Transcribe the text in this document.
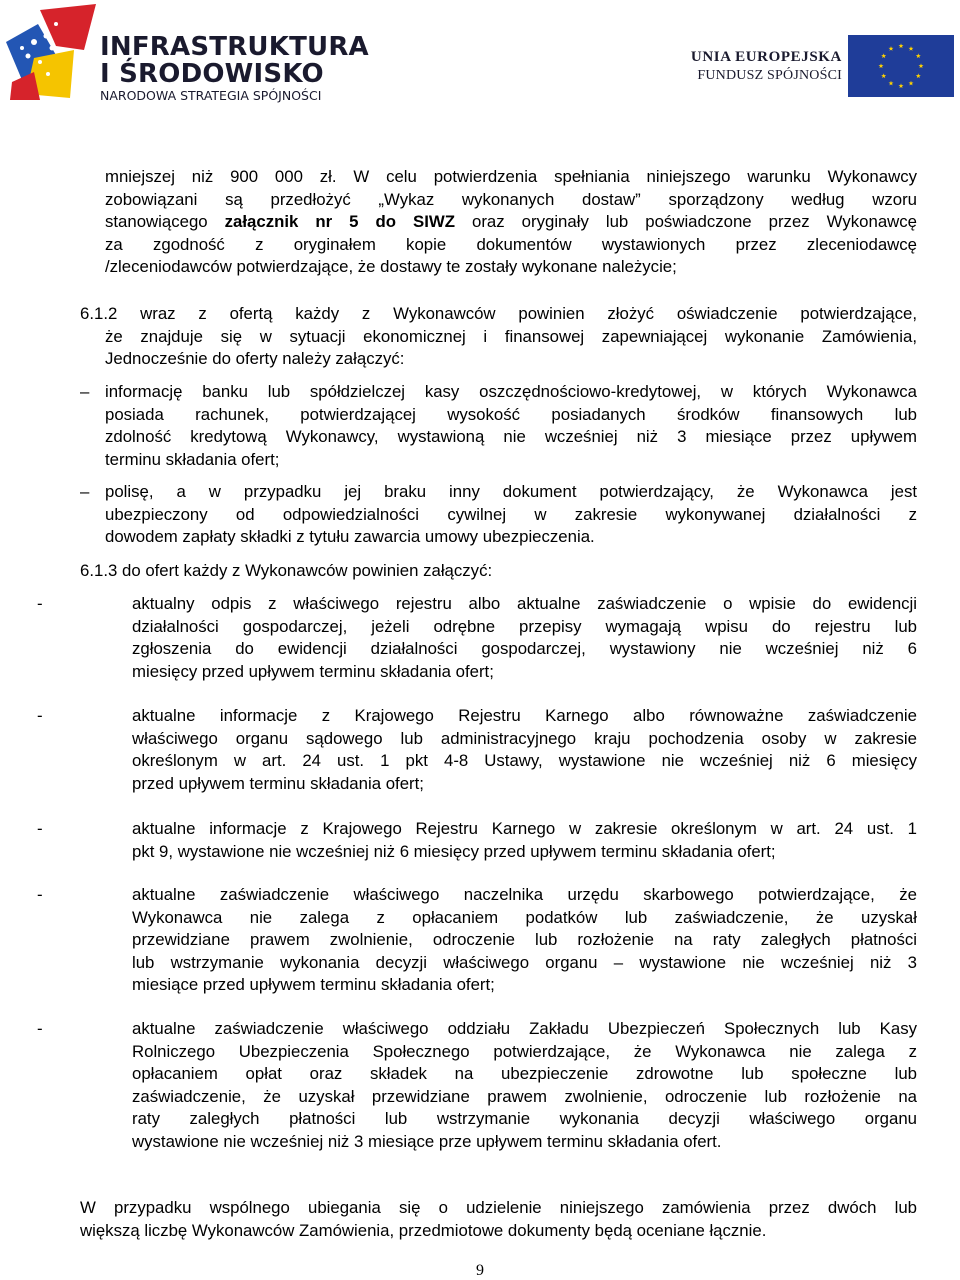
INFRASTRUKTURA
I ŚRODOWISKO
NARODOWA STRATEGIA SPÓJNOŚCI
UNIA EUROPEJSKA
FUNDUSZ SPÓJNOŚCI
mniejszej niż 900 000 zł. W celu potwierdzenia spełniania niniejszego warunku Wykonawcy
zobowiązani są przedłożyć „Wykaz wykonanych dostaw” sporządzony według wzoru
stanowiącego załącznik nr 5 do SIWZ oraz oryginały lub poświadczone przez Wykonawcę
za zgodność z oryginałem kopie dokumentów wystawionych przez zleceniodawcę
/zleceniodawców potwierdzające, że dostawy te zostały wykonane należycie;
6.1.2 wraz z ofertą każdy z Wykonawców powinien złożyć oświadczenie potwierdzające,
że znajduje się w sytuacji ekonomicznej i finansowej zapewniającej wykonanie Zamówienia,
Jednocześnie do oferty należy załączyć:
– informację banku lub spółdzielczej kasy oszczędnościowo-kredytowej, w których Wykonawca
posiada rachunek, potwierdzającej wysokość posiadanych środków finansowych lub
zdolność kredytową Wykonawcy, wystawioną nie wcześniej niż 3 miesiące przez upływem
terminu składania ofert;
– polisę, a w przypadku jej braku inny dokument potwierdzający, że Wykonawca jest
ubezpieczony od odpowiedzialności cywilnej w zakresie wykonywanej działalności z
dowodem zapłaty składki z tytułu zawarcia umowy ubezpieczenia.
6.1.3 do ofert każdy z Wykonawców powinien załączyć:
-	aktualny odpis z właściwego rejestru albo aktualne zaświadczenie o wpisie do ewidencji
działalności gospodarczej, jeżeli odrębne przepisy wymagają wpisu do rejestru lub
zgłoszenia do ewidencji działalności gospodarczej, wystawiony nie wcześniej niż 6
miesięcy przed upływem terminu składania ofert;
-	aktualne informacje z Krajowego Rejestru Karnego albo równoważne zaświadczenie
właściwego organu sądowego lub administracyjnego kraju pochodzenia osoby w zakresie
określonym w art. 24 ust. 1 pkt 4-8 Ustawy, wystawione nie wcześniej niż 6 miesięcy
przed upływem terminu składania ofert;
-	aktualne informacje z Krajowego Rejestru Karnego w zakresie określonym w art. 24 ust. 1
pkt 9, wystawione nie wcześniej niż 6 miesięcy przed upływem terminu składania ofert;
-	aktualne zaświadczenie właściwego naczelnika urzędu skarbowego potwierdzające, że
Wykonawca nie zalega z opłacaniem podatków lub zaświadczenie, że uzyskał
przewidziane prawem zwolnienie, odroczenie lub rozłożenie na raty zaległych płatności
lub wstrzymanie wykonania decyzji właściwego organu – wystawione nie wcześniej niż 3
miesiące przed upływem terminu składania ofert;
-	aktualne zaświadczenie właściwego oddziału Zakładu Ubezpieczeń Społecznych lub Kasy
Rolniczego Ubezpieczenia Społecznego potwierdzające, że Wykonawca nie zalega z
opłacaniem opłat oraz składek na ubezpieczenie zdrowotne lub społeczne lub
zaświadczenie, że uzyskał przewidziane prawem zwolnienie, odroczenie lub rozłożenie na
raty zaległych płatności lub wstrzymanie wykonania decyzji właściwego organu
wystawione nie wcześniej niż 3 miesiące prze upływem terminu składania ofert.
W przypadku wspólnego ubiegania się o udzielenie niniejszego zamówienia przez dwóch lub
większą liczbę Wykonawców Zamówienia, przedmiotowe dokumenty będą oceniane łącznie.
9
